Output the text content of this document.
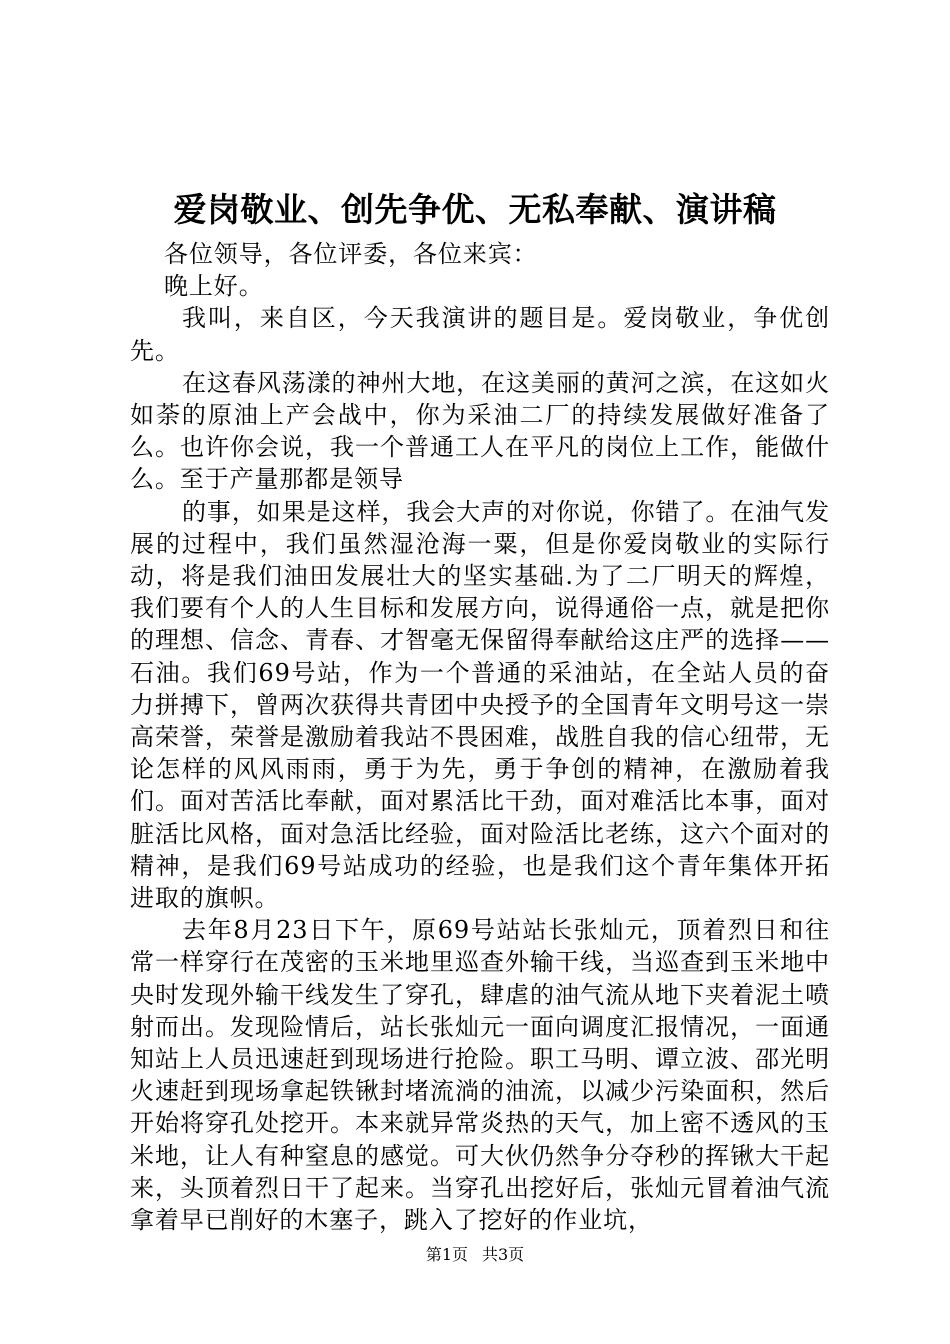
爱岗敬业、创先争优、无私奉献、演讲稿

各位领导，各位评委，各位来宾：

晚上好。

我叫，来自区，今天我演讲的题目是。爱岗敬业，争优创先。

在这春风荡漾的神州大地，在这美丽的黄河之滨，在这如火如荼的原油上产会战中，你为采油二厂的持续发展做好准备了么。也许你会说，我一个普通工人在平凡的岗位上工作，能做什么。至于产量那都是领导

的事，如果是这样，我会大声的对你说，你错了。在油气发展的过程中，我们虽然湿沧海一粟，但是你爱岗敬业的实际行动，将是我们油田发展壮大的坚实基础.为了二厂明天的辉煌，我们要有个人的人生目标和发展方向，说得通俗一点，就是把你的理想、信念、青春、才智毫无保留得奉献给这庄严的选择——石油。我们69号站，作为一个普通的采油站，在全站人员的奋力拼搏下，曾两次获得共青团中央授予的全国青年文明号这一崇高荣誉，荣誉是激励着我站不畏困难，战胜自我的信心纽带，无论怎样的风风雨雨，勇于为先，勇于争创的精神，在激励着我们。面对苦活比奉献，面对累活比干劲，面对难活比本事，面对脏活比风格，面对急活比经验，面对险活比老练，这六个面对的精神，是我们69号站成功的经验，也是我们这个青年集体开拓进取的旗帜。

去年8月23日下午，原69号站站长张灿元，顶着烈日和往常一样穿行在茂密的玉米地里巡查外输干线，当巡查到玉米地中央时发现外输干线发生了穿孔，肆虐的油气流从地下夹着泥土喷射而出。发现险情后，站长张灿元一面向调度汇报情况，一面通知站上人员迅速赶到现场进行抢险。职工马明、谭立波、邵光明火速赶到现场拿起铁锹封堵流淌的油流，以减少污染面积，然后开始将穿孔处挖开。本来就异常炎热的天气，加上密不透风的玉米地，让人有种窒息的感觉。可大伙仍然争分夺秒的挥锹大干起来，头顶着烈日干了起来。当穿孔出挖好后，张灿元冒着油气流拿着早已削好的木塞子，跳入了挖好的作业坑，

第1页 共3页
